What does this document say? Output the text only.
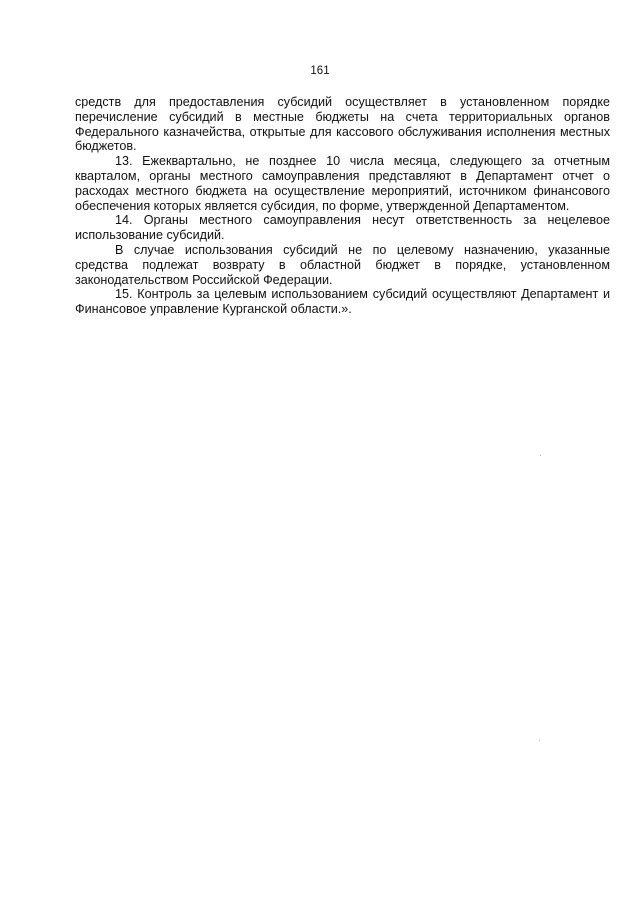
161

средств для предоставления субсидий осуществляет в установленном порядке перечисление субсидий в местные бюджеты на счета территориальных органов Федерального казначейства, открытые для кассового обслуживания исполнения местных бюджетов.

13. Ежеквартально, не позднее 10 числа месяца, следующего за отчетным кварталом, органы местного самоуправления представляют в Департамент отчет о расходах местного бюджета на осуществление мероприятий, источником финансового обеспечения которых является субсидия, по форме, утвержденной Департаментом.

14. Органы местного самоуправления несут ответственность за нецелевое использование субсидий.

В случае использования субсидий не по целевому назначению, указанные средства подлежат возврату в областной бюджет в порядке, установленном законодательством Российской Федерации.

15. Контроль за целевым использованием субсидий осуществляют Департамент и Финансовое управление Курганской области.».
